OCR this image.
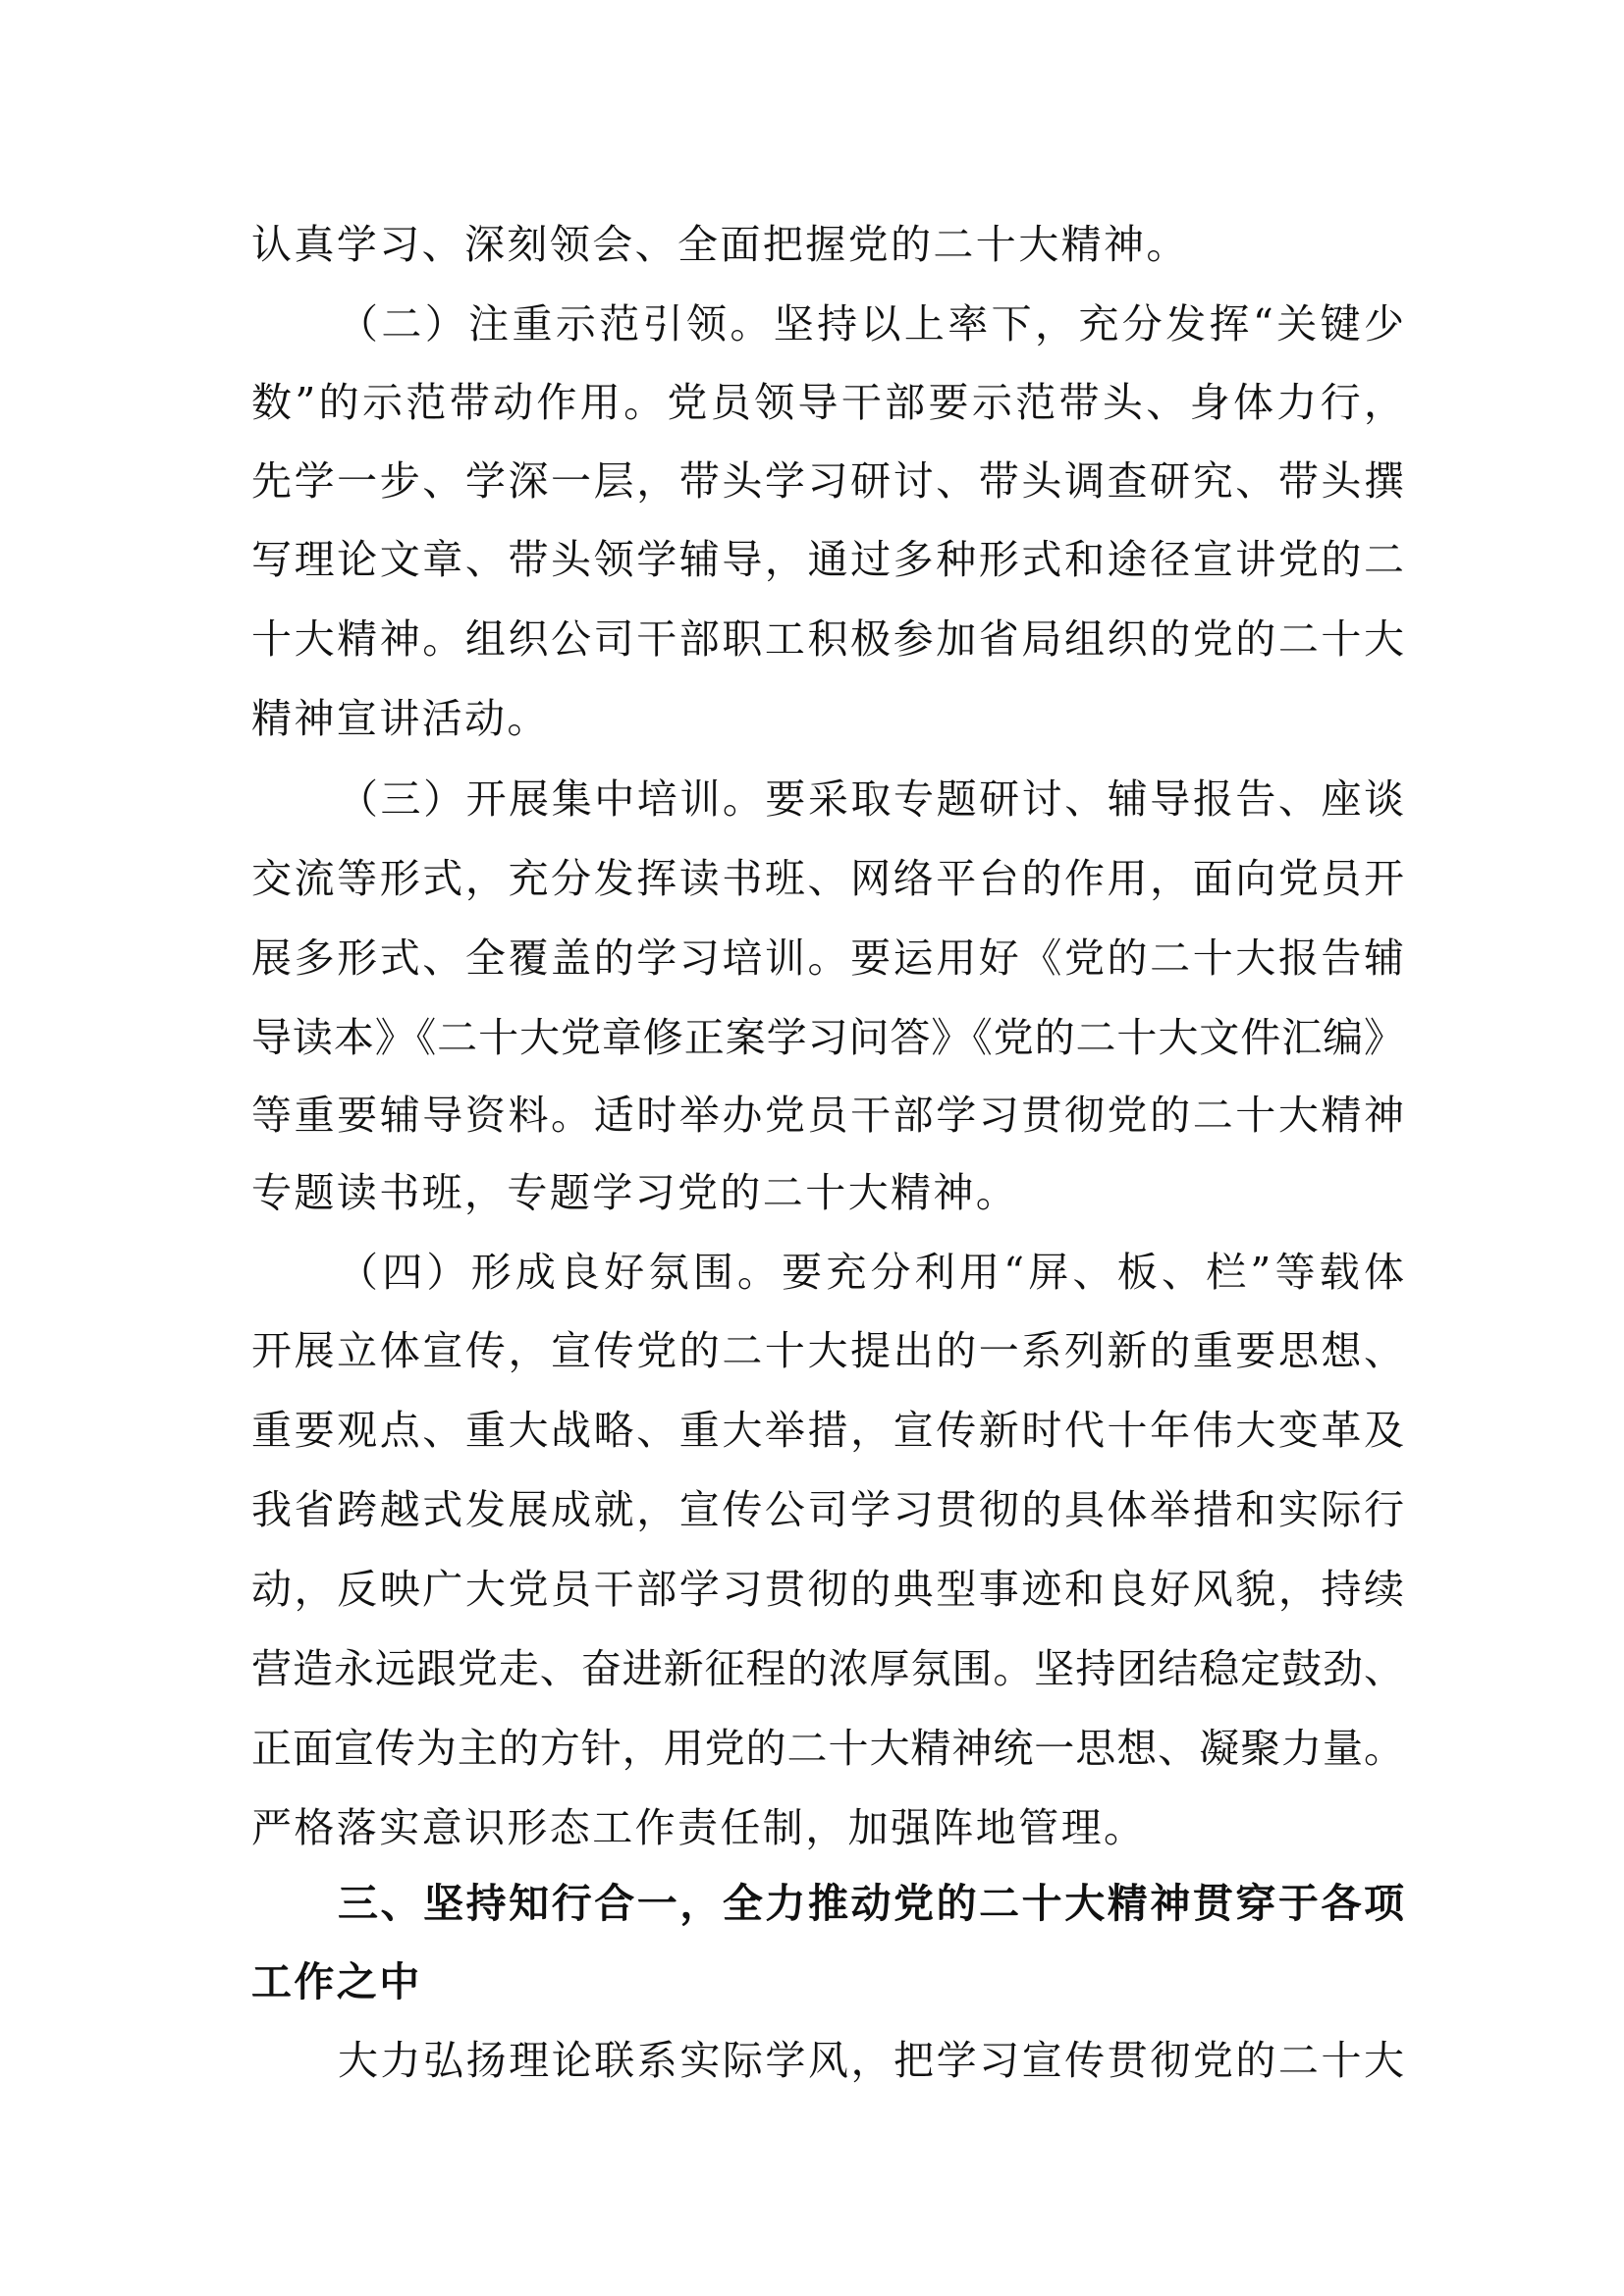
认真学习、深刻领会、全面把握党的二十大精神。
（二）注重示范引领。坚持以上率下，充分发挥“关键少
数”的示范带动作用。党员领导干部要示范带头、身体力行，
先学一步、学深一层，带头学习研讨、带头调查研究、带头撰
写理论文章、带头领学辅导，通过多种形式和途径宣讲党的二
十大精神。组织公司干部职工积极参加省局组织的党的二十大
精神宣讲活动。
（三）开展集中培训。要采取专题研讨、辅导报告、座谈
交流等形式，充分发挥读书班、网络平台的作用，面向党员开
展多形式、全覆盖的学习培训。要运用好《党的二十大报告辅
导读本》《二十大党章修正案学习问答》《党的二十大文件汇编》
等重要辅导资料。适时举办党员干部学习贯彻党的二十大精神
专题读书班，专题学习党的二十大精神。
（四）形成良好氛围。要充分利用“屏、板、栏”等载体
开展立体宣传，宣传党的二十大提出的一系列新的重要思想、
重要观点、重大战略、重大举措，宣传新时代十年伟大变革及
我省跨越式发展成就，宣传公司学习贯彻的具体举措和实际行
动，反映广大党员干部学习贯彻的典型事迹和良好风貌，持续
营造永远跟党走、奋进新征程的浓厚氛围。坚持团结稳定鼓劲、
正面宣传为主的方针，用党的二十大精神统一思想、凝聚力量。
严格落实意识形态工作责任制，加强阵地管理。
三、坚持知行合一，全力推动党的二十大精神贯穿于各项
工作之中
大力弘扬理论联系实际学风，把学习宣传贯彻党的二十大
